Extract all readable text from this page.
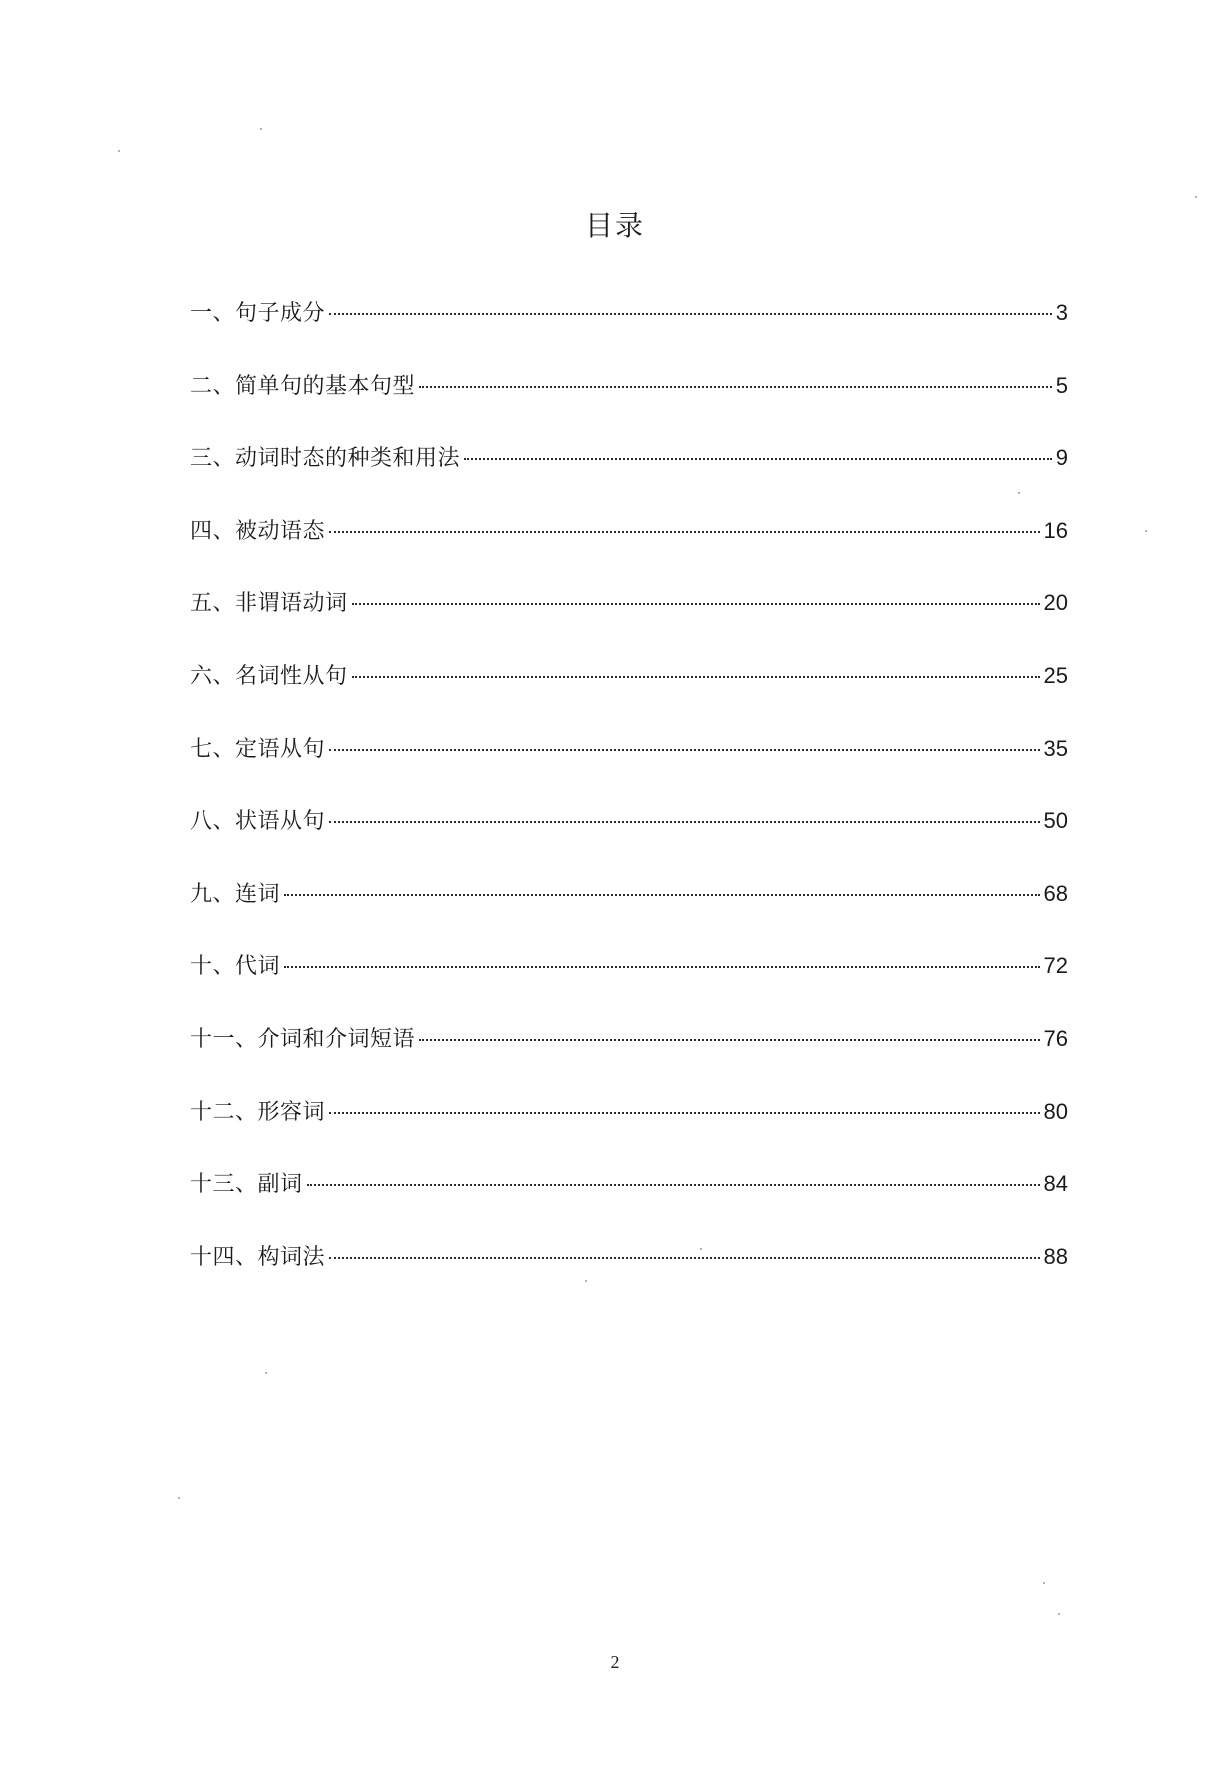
目录
一、句子成分	3
二、简单句的基本句型	5
三、动词时态的种类和用法	9
四、被动语态	16
五、非谓语动词	20
六、名词性从句	25
七、定语从句	35
八、状语从句	50
九、连词	68
十、代词	72
十一、介词和介词短语	76
十二、形容词	80
十三、副词	84
十四、构词法	88
2
